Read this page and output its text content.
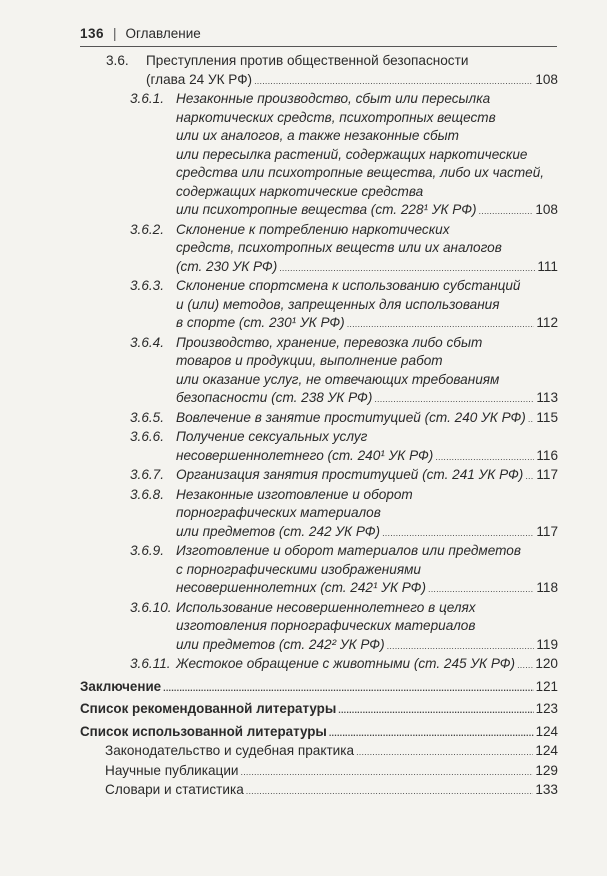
136 | Оглавление
3.6. Преступления против общественной безопасности
(глава 24 УК РФ) .....	108
3.6.1. Незаконные производство, сбыт или пересылка
наркотических средств, психотропных веществ
или их аналогов, а также незаконные сбыт
или пересылка растений, содержащих наркотические
средства или психотропные вещества, либо их частей,
содержащих наркотические средства
или психотропные вещества (ст. 228¹ УК РФ) .....	108
3.6.2. Склонение к потреблению наркотических
средств, психотропных веществ или их аналогов
(ст. 230 УК РФ) .....	111
3.6.3. Склонение спортсмена к использованию субстанций
и (или) методов, запрещенных для использования
в спорте (ст. 230¹ УК РФ) .....	112
3.6.4. Производство, хранение, перевозка либо сбыт
товаров и продукции, выполнение работ
или оказание услуг, не отвечающих требованиям
безопасности (ст. 238 УК РФ) .....	113
3.6.5. Вовлечение в занятие проституцией (ст. 240 УК РФ) ..... 115
3.6.6. Получение сексуальных услуг
несовершеннолетнего (ст. 240¹ УК РФ) .....	116
3.6.7. Организация занятия проституцией (ст. 241 УК РФ) ..... 117
3.6.8. Незаконные изготовление и оборот
порнографических материалов
или предметов (ст. 242 УК РФ) .....	117
3.6.9. Изготовление и оборот материалов или предметов
с порнографическими изображениями
несовершеннолетних (ст. 242¹ УК РФ) .....	118
3.6.10. Использование несовершеннолетнего в целях
изготовления порнографических материалов
или предметов (ст. 242² УК РФ) .....	119
3.6.11. Жестокое обращение с животными (ст. 245 УК РФ) ..... 120
Заключение .....	121
Список рекомендованной литературы .....	123
Список использованной литературы .....	124
Законодательство и судебная практика .....	124
Научные публикации .....	129
Словари и статистика .....	133
